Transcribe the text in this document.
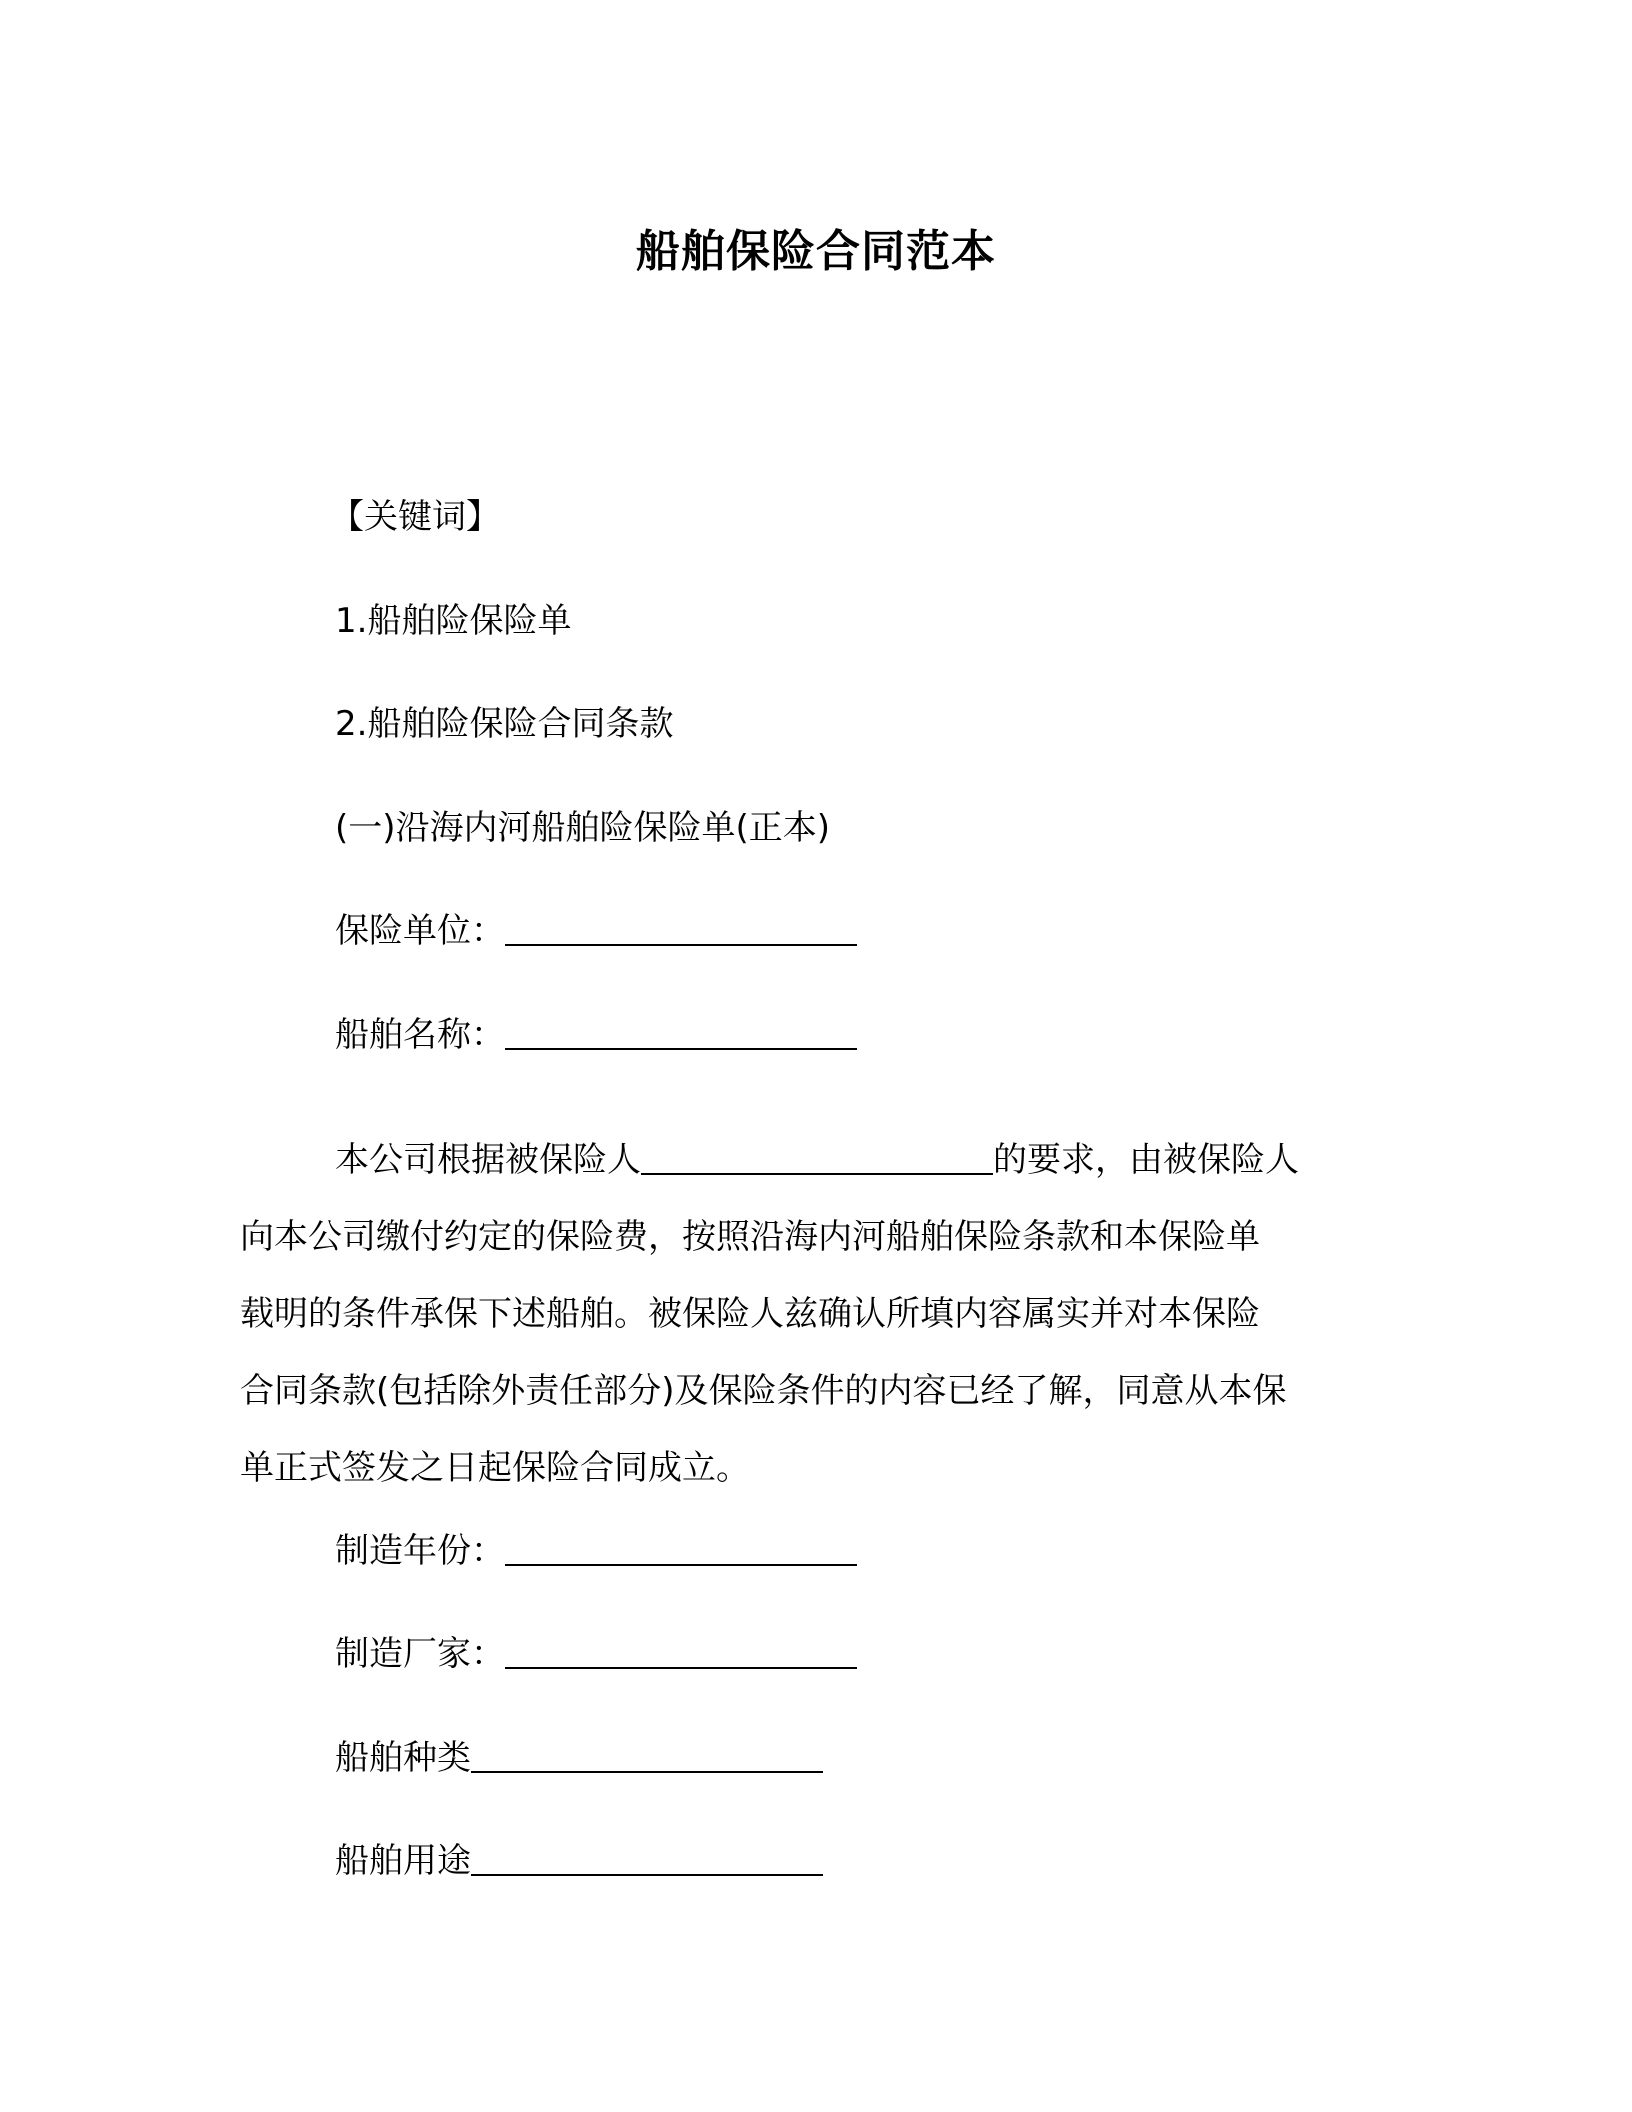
船舶保险合同范本
【关键词】
1.船舶险保险单
2.船舶险保险合同条款
(一)沿海内河船舶险保险单(正本)
保险单位：
船舶名称：
本公司根据被保险人	的要求，由被保险人
向本公司缴付约定的保险费，按照沿海内河船舶保险条款和本保险单
载明的条件承保下述船舶。被保险人兹确认所填内容属实并对本保险
合同条款(包括除外责任部分)及保险条件的内容已经了解，同意从本保
单正式签发之日起保险合同成立。
制造年份：
制造厂家：
船舶种类
船舶用途
